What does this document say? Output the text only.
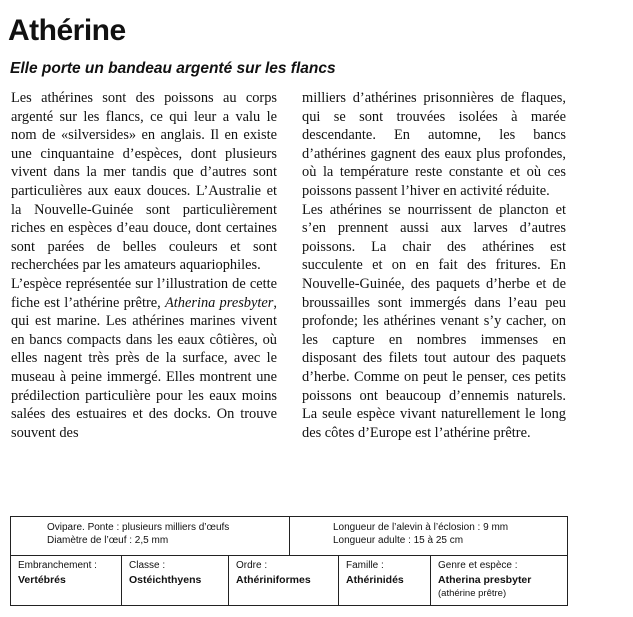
Athérine
Elle porte un bandeau argenté sur les flancs

Les athérines sont des poissons au corps argenté sur les flancs, ce qui leur a valu le nom de «silversides» en anglais. Il en existe une cinquantaine d’espèces, dont plusieurs vivent dans la mer tandis que d’autres sont particulières aux eaux douces. L’Australie et la Nouvelle-Guinée sont particulièrement riches en espèces d’eau douce, dont certaines sont parées de belles couleurs et sont recherchées par les amateurs aquariophiles.

L’espèce représentée sur l’illustration de cette fiche est l’athérine prêtre, Atherina presbyter, qui est marine. Les athérines marines vivent en bancs compacts dans les eaux côtières, où elles nagent très près de la surface, avec le museau à peine immergé. Elles montrent une prédilection particulière pour les eaux moins salées des estuaires et des docks. On trouve souvent des

milliers d’athérines prisonnières de flaques, qui se sont trouvées isolées à marée descendante. En automne, les bancs d’athérines gagnent des eaux plus profondes, où la température reste constante et où ces poissons passent l’hiver en activité réduite.

Les athérines se nourrissent de plancton et s’en prennent aussi aux larves d’autres poissons. La chair des athérines est succulente et on en fait des fritures. En Nouvelle-Guinée, des paquets d’herbe et de broussailles sont immergés dans l’eau peu profonde; les athérines venant s’y cacher, on les capture en nombres immenses en disposant des filets tout autour des paquets d’herbe. Comme on peut le penser, ces petits poissons ont beaucoup d’ennemis naturels. La seule espèce vivant naturellement le long des côtes d’Europe est l’athérine prêtre.

Ovipare. Ponte : plusieurs milliers d’œufs
Diamètre de l’œuf : 2,5 mm
Longueur de l’alevin à l’éclosion : 9 mm
Longueur adulte : 15 à 25 cm
Embranchement :
Vertébrés
Classe :
Ostéichthyens
Ordre :
Athériniformes
Famille :
Athérinidés
Genre et espèce :
Atherina presbyter
(athérine prêtre)
